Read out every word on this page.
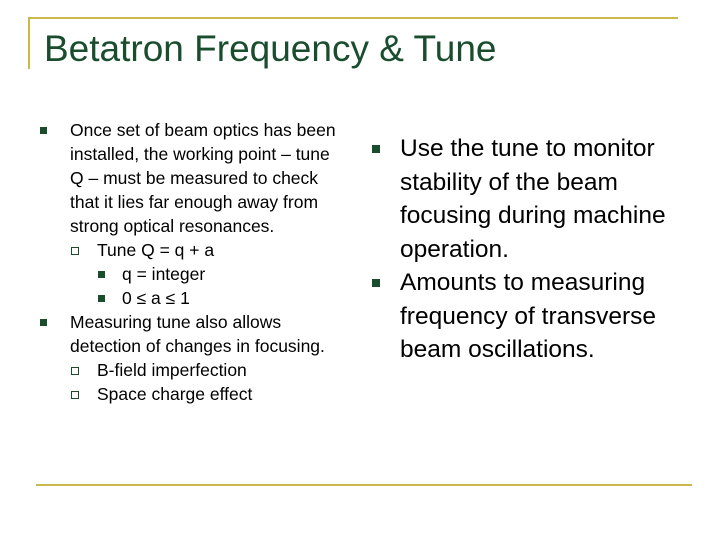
Betatron Frequency & Tune
Once set of beam optics has been installed, the working point – tune Q – must be measured to check that it lies far enough away from strong optical resonances.
Tune Q = q + a
q = integer
0 ≤ a ≤ 1
Measuring tune also allows detection of changes in focusing.
B-field imperfection
Space charge effect
Use the tune to monitor stability of the beam focusing during machine operation.
Amounts to measuring frequency of transverse beam oscillations.
